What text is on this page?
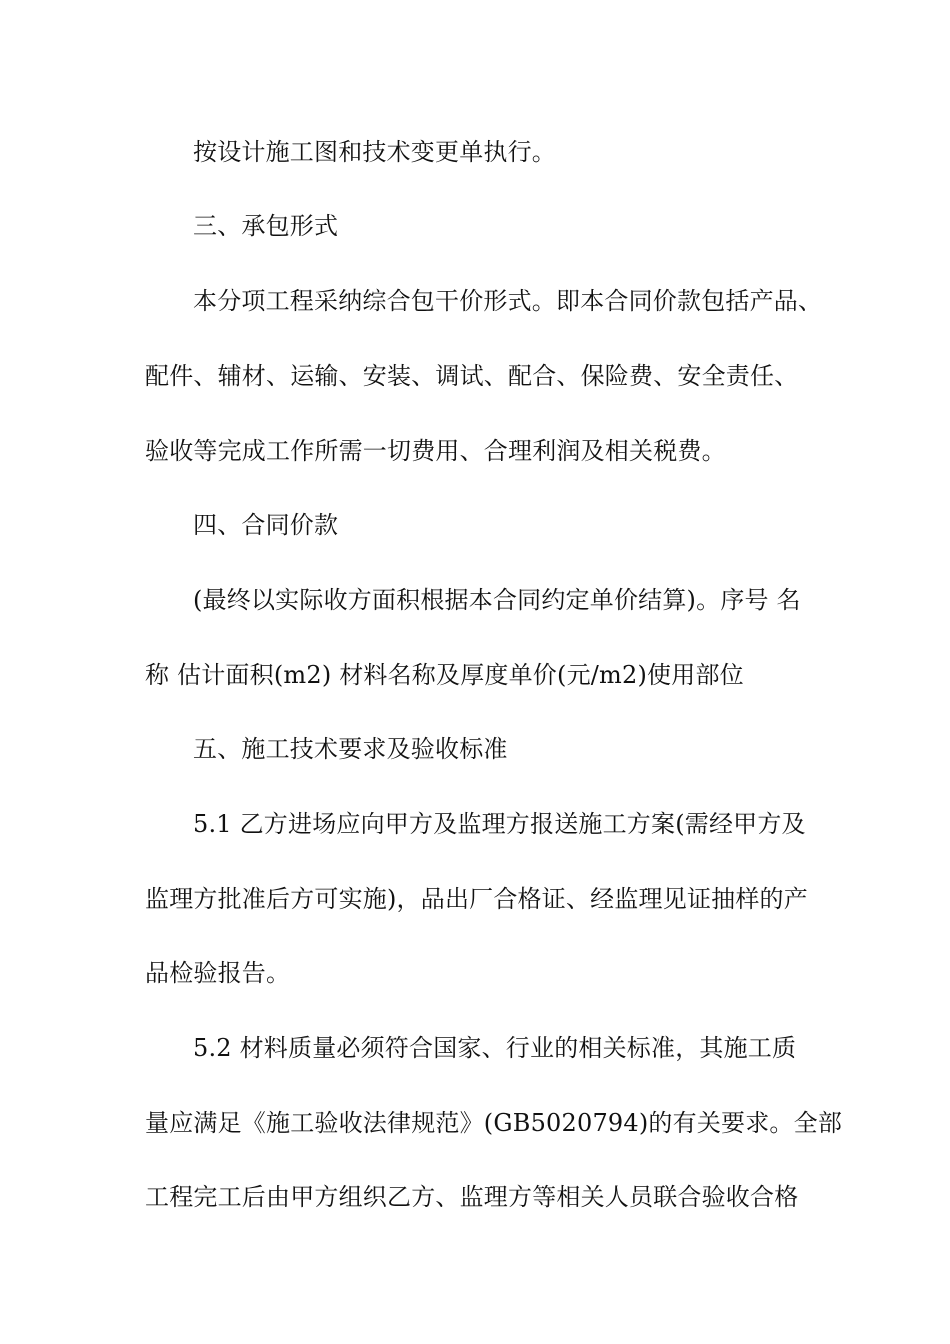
按设计施工图和技术变更单执行。
三、承包形式
本分项工程采纳综合包干价形式。即本合同价款包括产品、
配件、辅材、运输、安装、调试、配合、保险费、安全责任、
验收等完成工作所需一切费用、合理利润及相关税费。
四、合同价款
(最终以实际收方面积根据本合同约定单价结算)。序号 名
称 估计面积(m2) 材料名称及厚度单价(元/m2)使用部位
五、施工技术要求及验收标准
5.1 乙方进场应向甲方及监理方报送施工方案(需经甲方及
监理方批准后方可实施)，品出厂合格证、经监理见证抽样的产
品检验报告。
5.2 材料质量必须符合国家、行业的相关标准，其施工质
量应满足《施工验收法律规范》(GB5020794)的有关要求。全部
工程完工后由甲方组织乙方、监理方等相关人员联合验收合格
